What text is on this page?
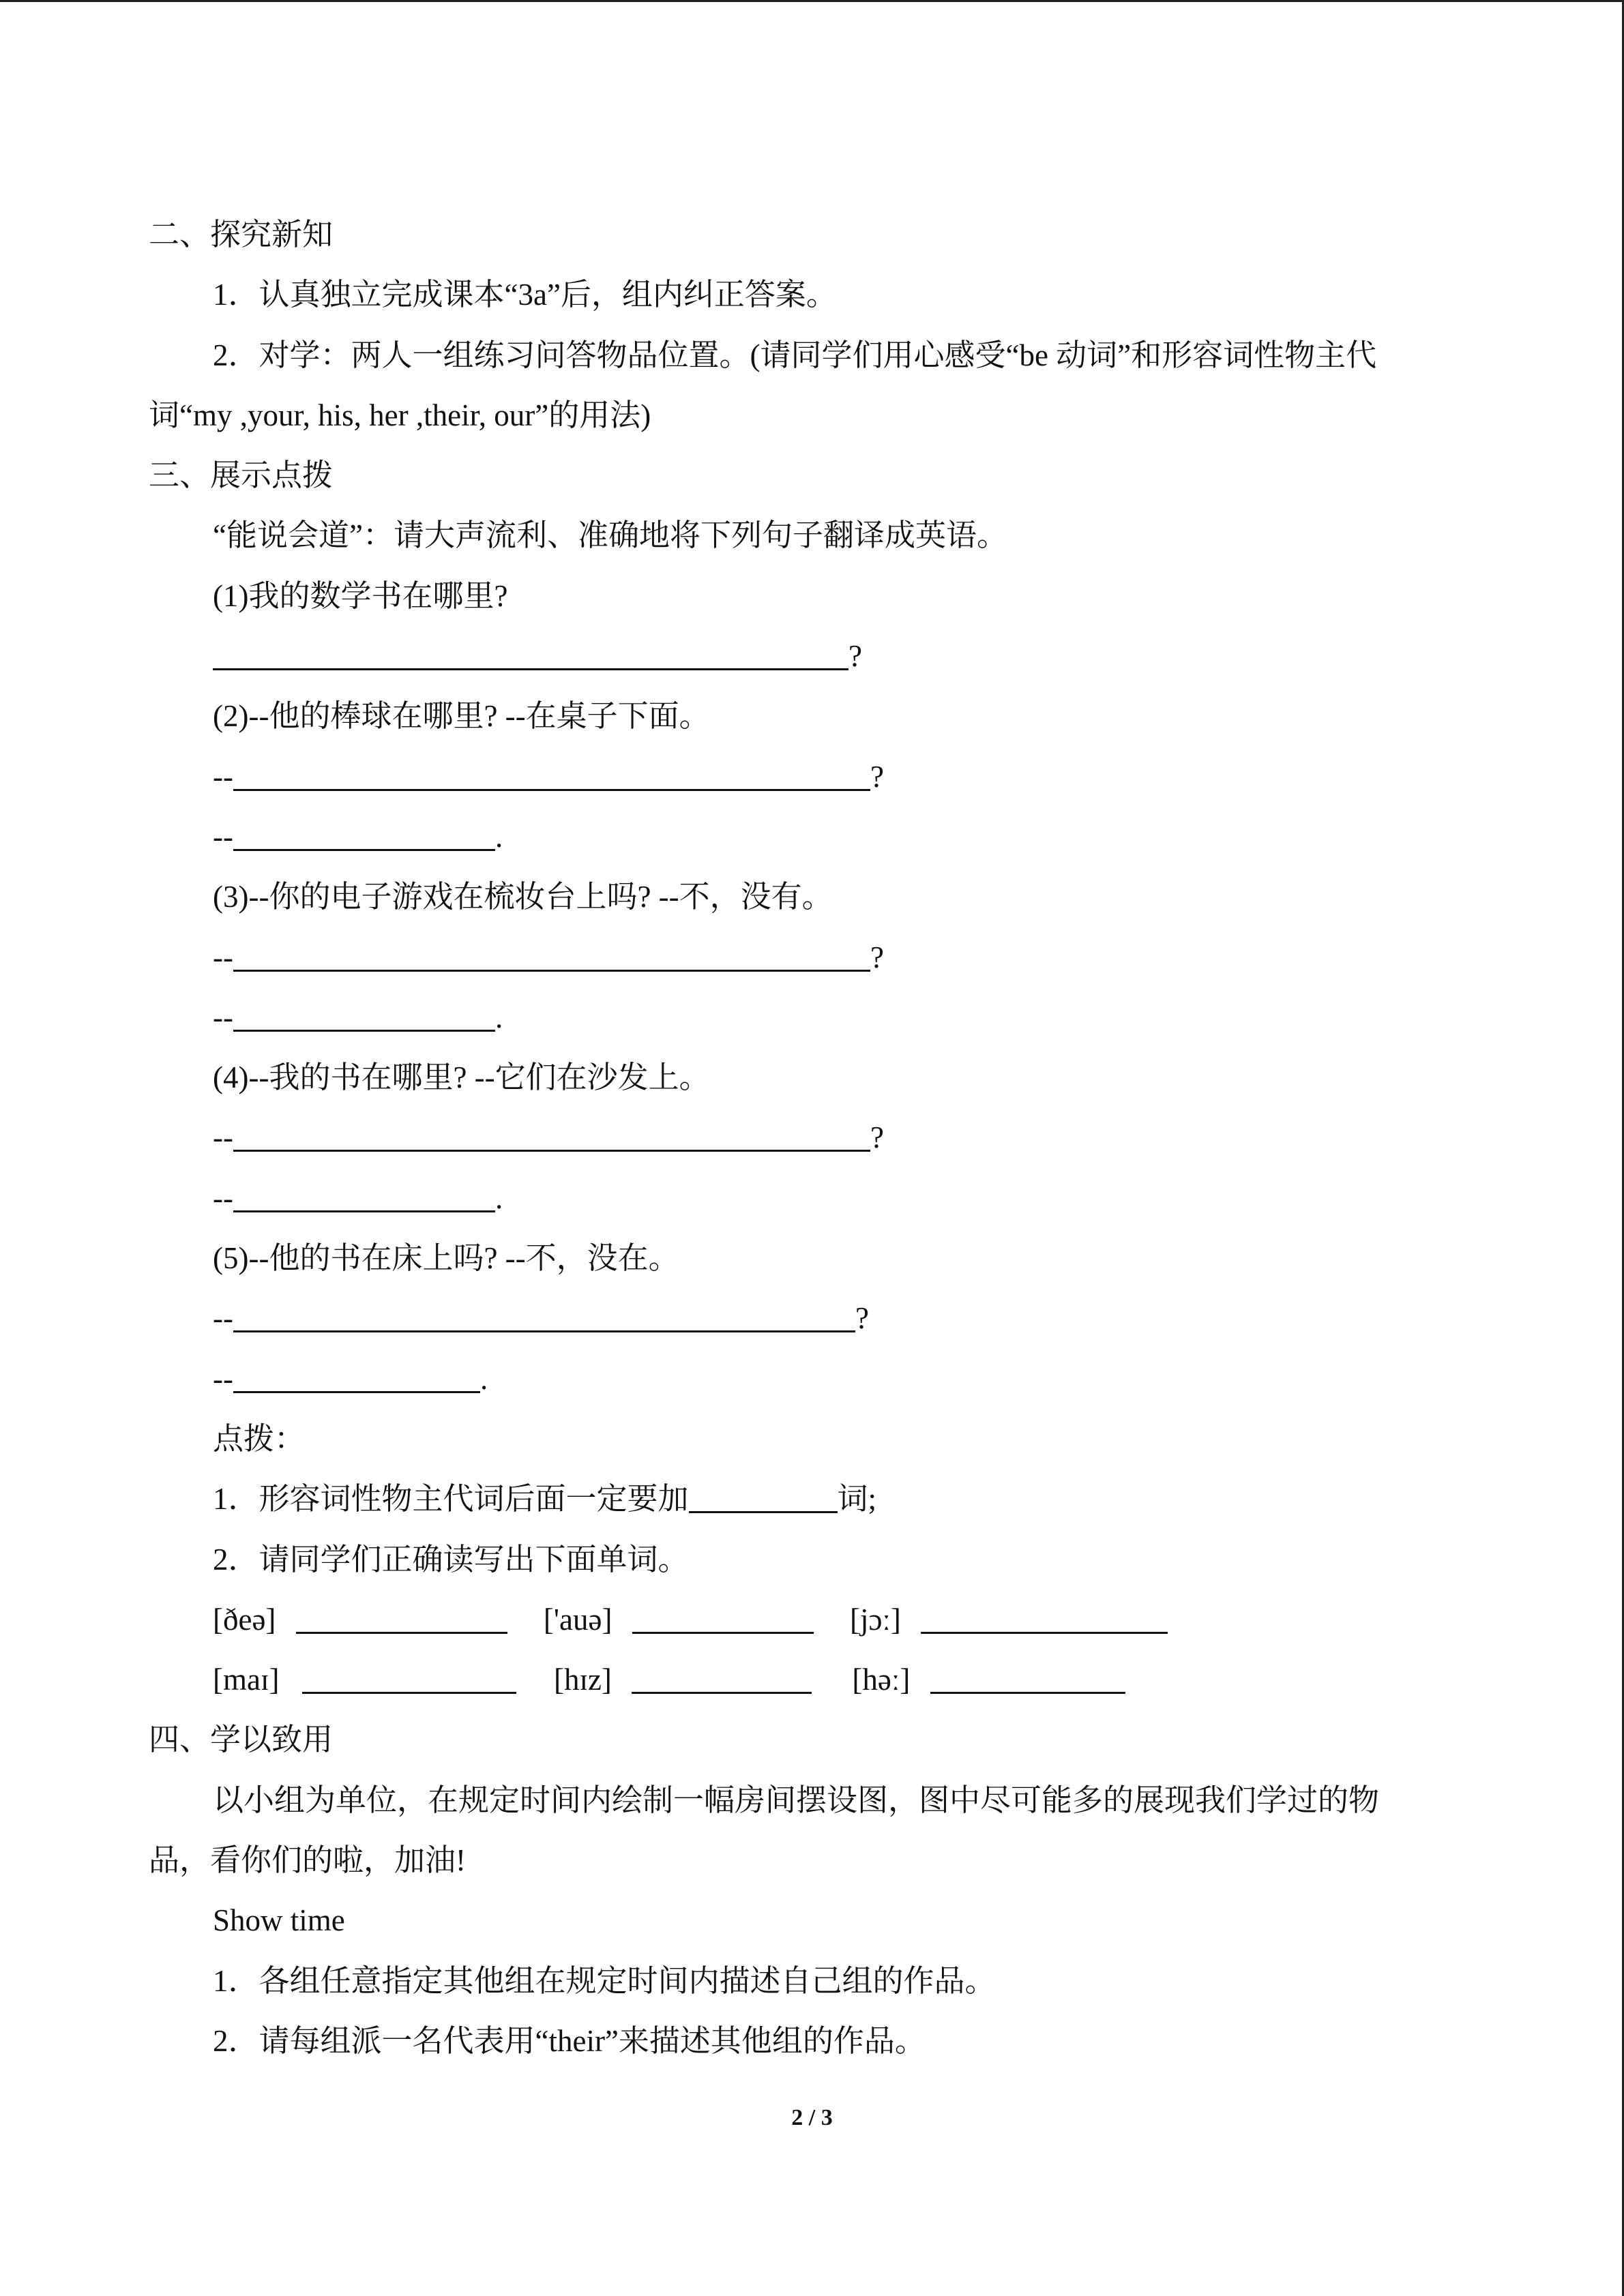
二、探究新知
1．认真独立完成课本“3a”后，组内纠正答案。
2．对学：两人一组练习问答物品位置。(请同学们用心感受“be 动词”和形容词性物主代
词“my ,your, his, her ,their, our”的用法)
三、展示点拨
“能说会道”：请大声流利、准确地将下列句子翻译成英语。
(1)我的数学书在哪里?
?
(2)--他的棒球在哪里? --在桌子下面。
--	?
--	.
(3)--你的电子游戏在梳妆台上吗? --不，没有。
--	?
--	.
(4)--我的书在哪里? --它们在沙发上。
--	?
--	.
(5)--他的书在床上吗? --不，没在。
--	?
--	.
点拨：
1．形容词性物主代词后面一定要加	词;
2．请同学们正确读写出下面单词。
[ðeə]	['auə]	[jɔː]
[maɪ]	[hɪz]	[həː]
四、学以致用
以小组为单位，在规定时间内绘制一幅房间摆设图，图中尽可能多的展现我们学过的物
品，看你们的啦，加油!
Show time
1．各组任意指定其他组在规定时间内描述自己组的作品。
2．请每组派一名代表用“their”来描述其他组的作品。
2 / 3
